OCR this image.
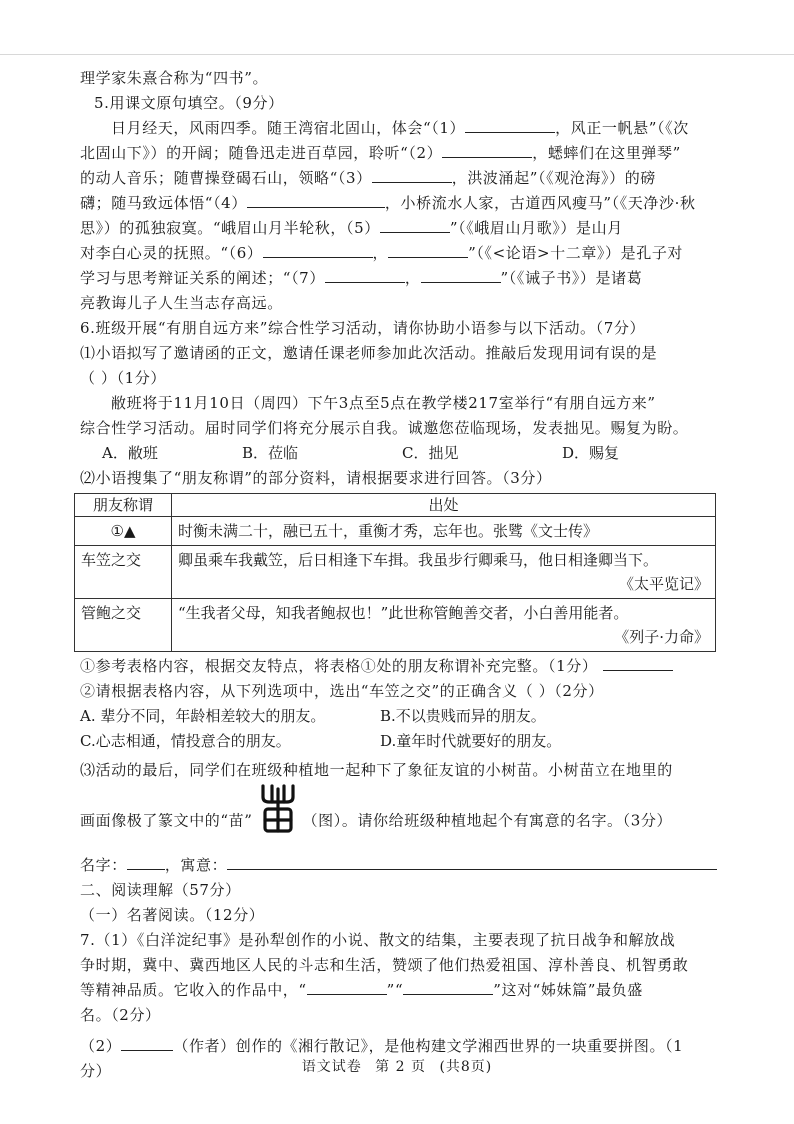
理学家朱熹合称为“四书”。
5.用课文原句填空。（9分）
日月经天，风雨四季。随王湾宿北固山，体会“（1）	，风正一帆悬”（《次
北固山下》）的开阔；随鲁迅走进百草园，聆听“（2）	，蟋蟀们在这里弹琴”
的动人音乐；随曹操登碣石山，领略“（3）	，洪波涌起”（《观沧海》）的磅
礴；随马致远体悟“（4）	，小桥流水人家，古道西风瘦马”（《天净沙·秋
思》）的孤独寂寞。“峨眉山月半轮秋，（5）	”（《峨眉山月歌》）是山月
对李白心灵的抚照。“（6）	，	”（《<论语>十二章》）是孔子对
学习与思考辩证关系的阐述；“（7）	，	”（《诫子书》）是诸葛
亮教诲儿子人生当志存高远。
6.班级开展“有朋自远方来”综合性学习活动，请你协助小语参与以下活动。（7分）
⑴小语拟写了邀请函的正文，邀请任课老师参加此次活动。推敲后发现用词有误的是
（ ）（1分）
敝班将于11月10日（周四）下午3点至5点在教学楼217室举行“有朋自远方来”
综合性学习活动。届时同学们将充分展示自我。诚邀您莅临现场，发表拙见。赐复为盼。
A．敝班	B．莅临	C．拙见	D．赐复
⑵小语搜集了“朋友称谓”的部分资料，请根据要求进行回答。（3分）
朋友称谓	出处
①▲	时衡未满二十，融已五十，重衡才秀，忘年也。张骘《文士传》
车笠之交	卿虽乘车我戴笠，后日相逢下车揖。我虽步行卿乘马，他日相逢卿当下。
《太平览记》

管鲍之交	“生我者父母，知我者鲍叔也！”此世称管鲍善交者，小白善用能者。
《列子·力命》
①参考表格内容，根据交友特点，将表格①处的朋友称谓补充完整。（1分）
②请根据表格内容，从下列选项中，选出“车笠之交”的正确含义（ ）（2分）
A. 辈分不同，年龄相差较大的朋友。	B.不以贵贱而异的朋友。
C.心志相通，情投意合的朋友。	D.童年时代就要好的朋友。
⑶活动的最后，同学们在班级种植地一起种下了象征友谊的小树苗。小树苗立在地里的
画面像极了篆文中的“苗”	（图）。请你给班级种植地起个有寓意的名字。（3分）
名字：	，寓意：
二、阅读理解（57分）
（一）名著阅读。（12分）
7.（1）《白洋淀纪事》是孙犁创作的小说、散文的结集，主要表现了抗日战争和解放战
争时期，冀中、冀西地区人民的斗志和生活，赞颂了他们热爱祖国、淳朴善良、机智勇敢
等精神品质。它收入的作品中，“	”“	”这对“姊妹篇”最负盛
名。（2分）
（2）	（作者）创作的《湘行散记》，是他构建文学湘西世界的一块重要拼图。（1
分）	语文试卷 第 2 页 (共8页)
